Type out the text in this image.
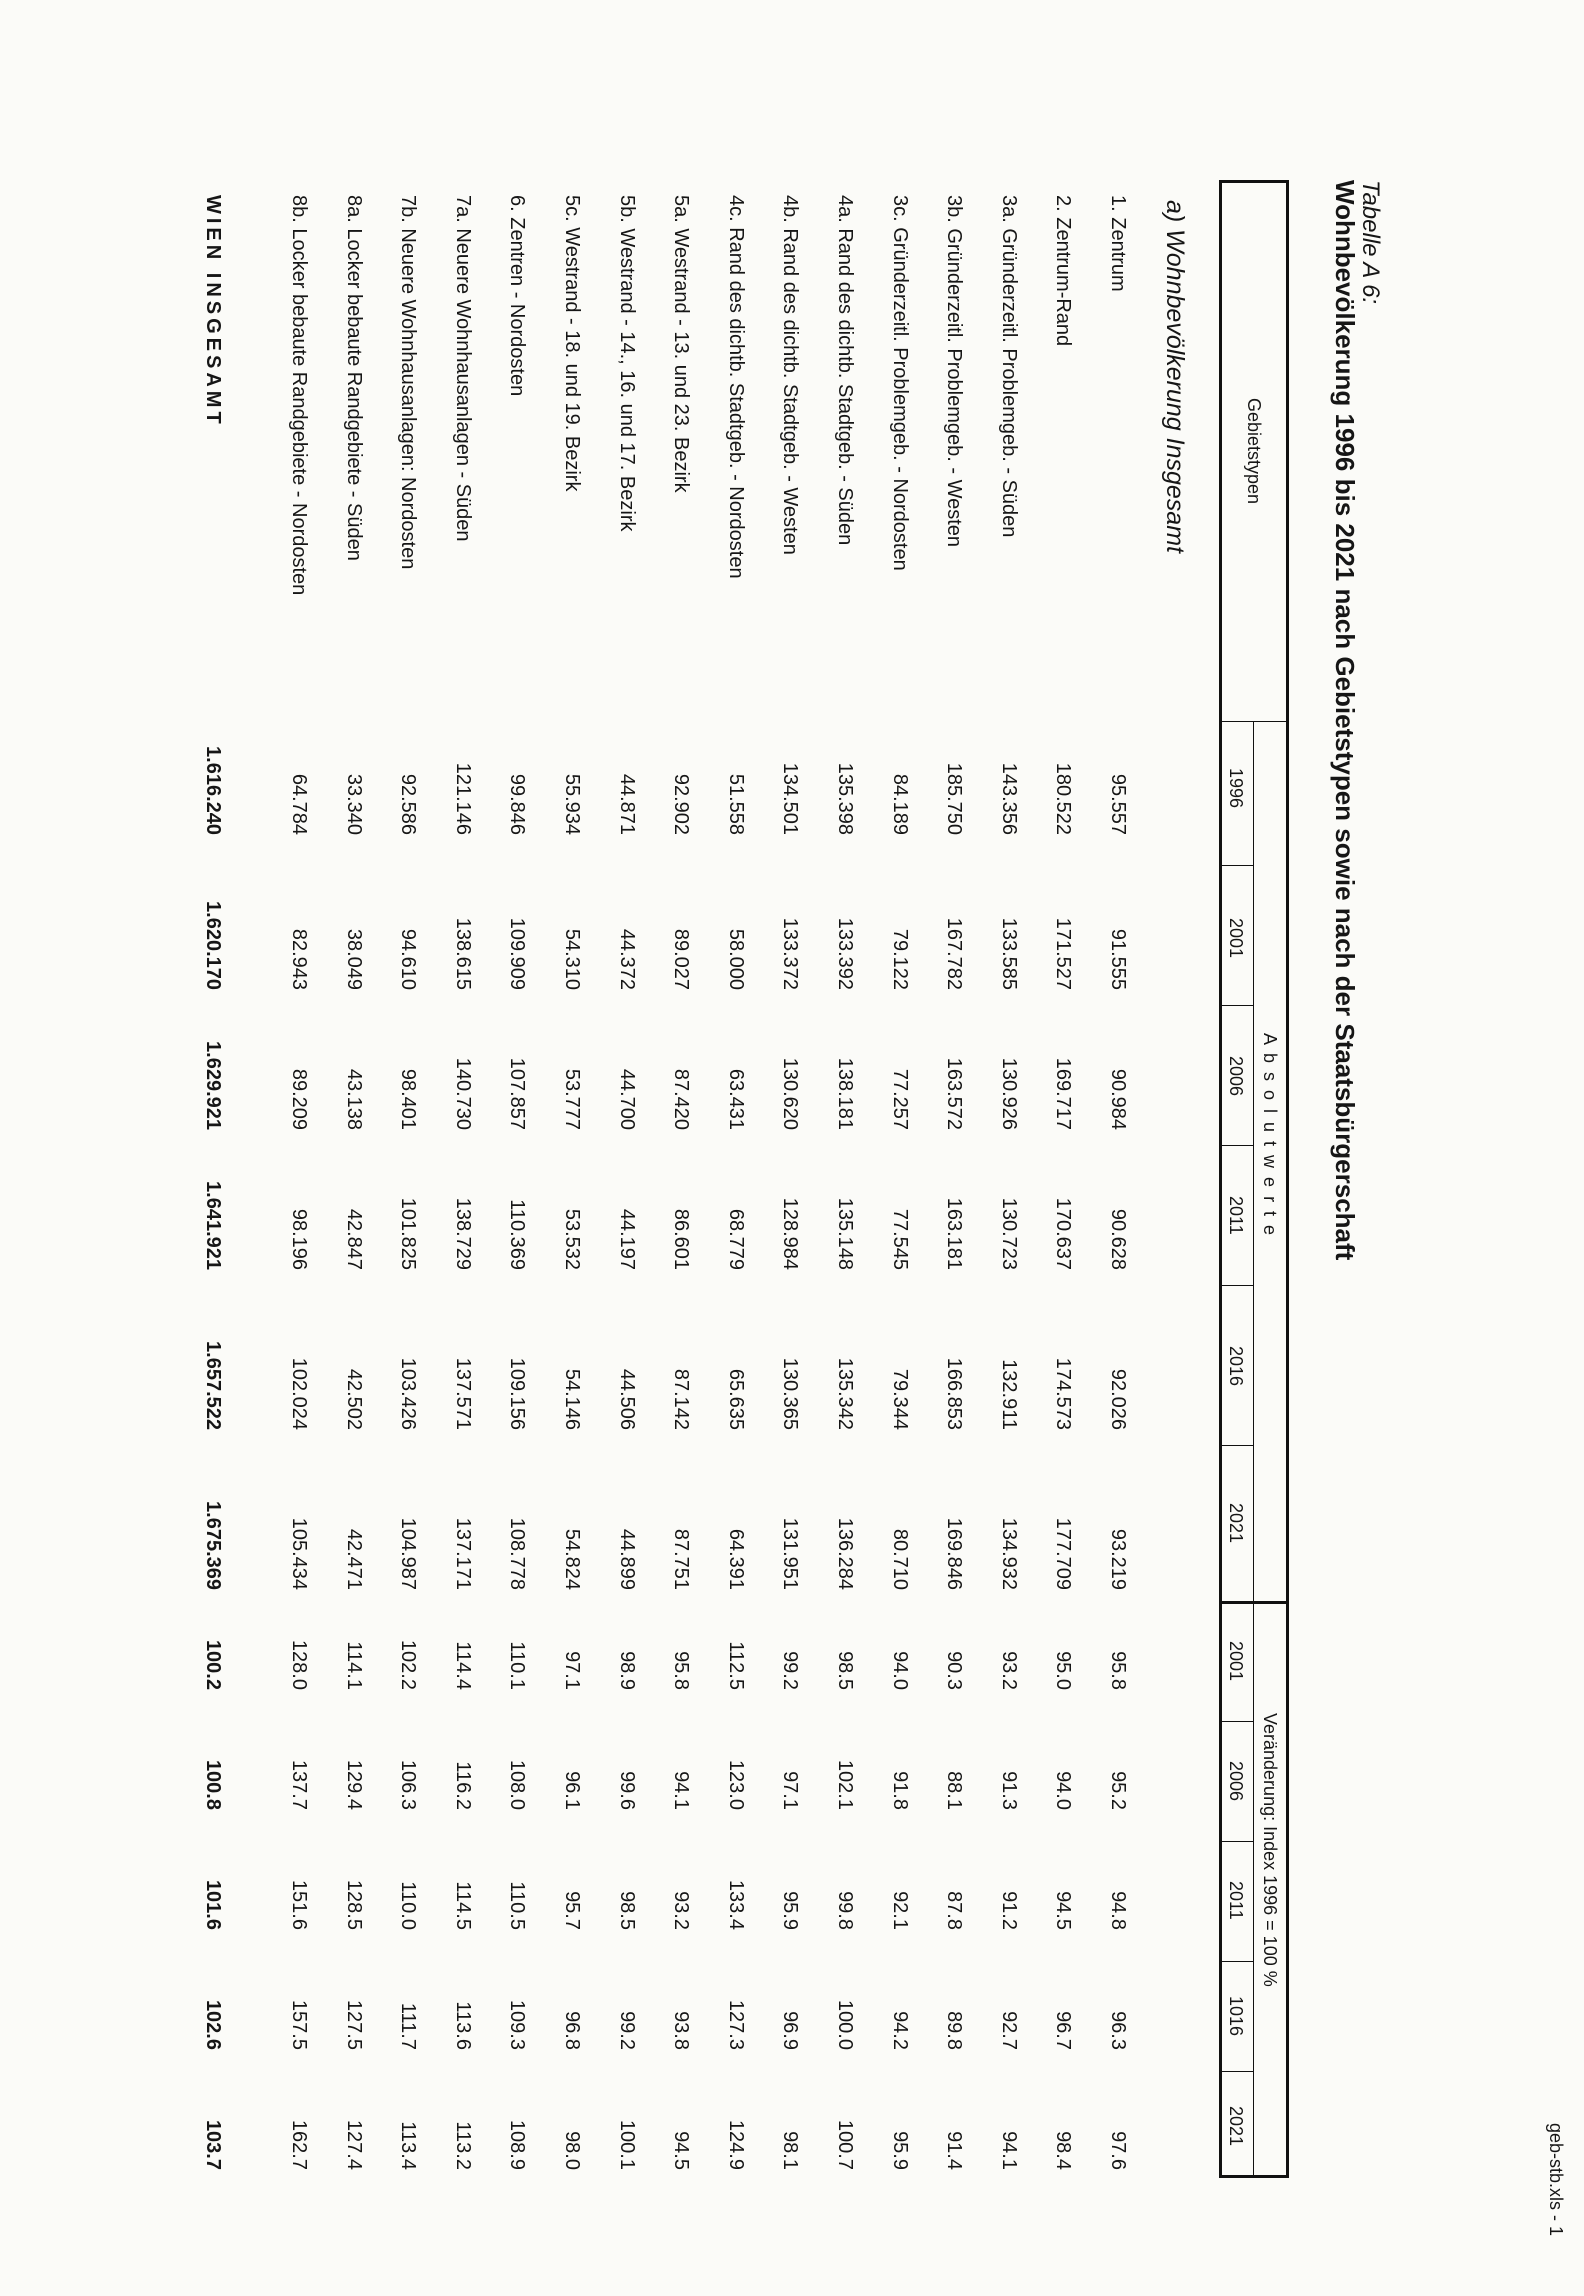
geb-stb.xls - 1
Tabelle A 6:
Wohnbevölkerung 1996 bis 2021 nach Gebietstypen sowie nach der Staatsbürgerschaft
Gebietstypen
A b s o l u t w e r t e
Veränderung: Index 1996 = 100 %
1996
2001
2006
2011
2016
2021
2001
2006
2011
1016
2021
a) Wohnbevölkerung Insgesamt
1. Zentrum
95.557
91.555
90.984
90.628
92.026
93.219
95.8
95.2
94.8
96.3
97.6
2. Zentrum-Rand
180.522
171.527
169.717
170.637
174.573
177.709
95.0
94.0
94.5
96.7
98.4
3a. Gründerzeitl. Problemgeb. - Süden
143.356
133.585
130.926
130.723
132.911
134.932
93.2
91.3
91.2
92.7
94.1
3b. Gründerzeitl. Problemgeb. - Westen
185.750
167.782
163.572
163.181
166.853
169.846
90.3
88.1
87.8
89.8
91.4
3c. Gründerzeitl. Problemgeb. - Nordosten
84.189
79.122
77.257
77.545
79.344
80.710
94.0
91.8
92.1
94.2
95.9
4a. Rand des dichtb. Stadtgeb. - Süden
135.398
133.392
138.181
135.148
135.342
136.284
98.5
102.1
99.8
100.0
100.7
4b. Rand des dichtb. Stadtgeb. - Westen
134.501
133.372
130.620
128.984
130.365
131.951
99.2
97.1
95.9
96.9
98.1
4c. Rand des dichtb. Stadtgeb. - Nordosten
51.558
58.000
63.431
68.779
65.635
64.391
112.5
123.0
133.4
127.3
124.9
5a. Westrand - 13. und 23. Bezirk
92.902
89.027
87.420
86.601
87.142
87.751
95.8
94.1
93.2
93.8
94.5
5b. Westrand - 14., 16. und 17. Bezirk
44.871
44.372
44.700
44.197
44.506
44.899
98.9
99.6
98.5
99.2
100.1
5c. Westrand - 18. und 19. Bezirk
55.934
54.310
53.777
53.532
54.146
54.824
97.1
96.1
95.7
96.8
98.0
6. Zentren - Nordosten
99.846
109.909
107.857
110.369
109.156
108.778
110.1
108.0
110.5
109.3
108.9
7a. Neuere Wohnhausanlagen - Süden
121.146
138.615
140.730
138.729
137.571
137.171
114.4
116.2
114.5
113.6
113.2
7b. Neuere Wohnhausanlagen: Nordosten
92.586
94.610
98.401
101.825
103.426
104.987
102.2
106.3
110.0
111.7
113.4
8a. Locker bebaute Randgebiete - Süden
33.340
38.049
43.138
42.847
42.502
42.471
114.1
129.4
128.5
127.5
127.4
8b. Locker bebaute Randgebiete - Nordosten
64.784
82.943
89.209
98.196
102.024
105.434
128.0
137.7
151.6
157.5
162.7
WIEN INSGESAMT
1.616.240
1.620.170
1.629.921
1.641.921
1.657.522
1.675.369
100.2
100.8
101.6
102.6
103.7
